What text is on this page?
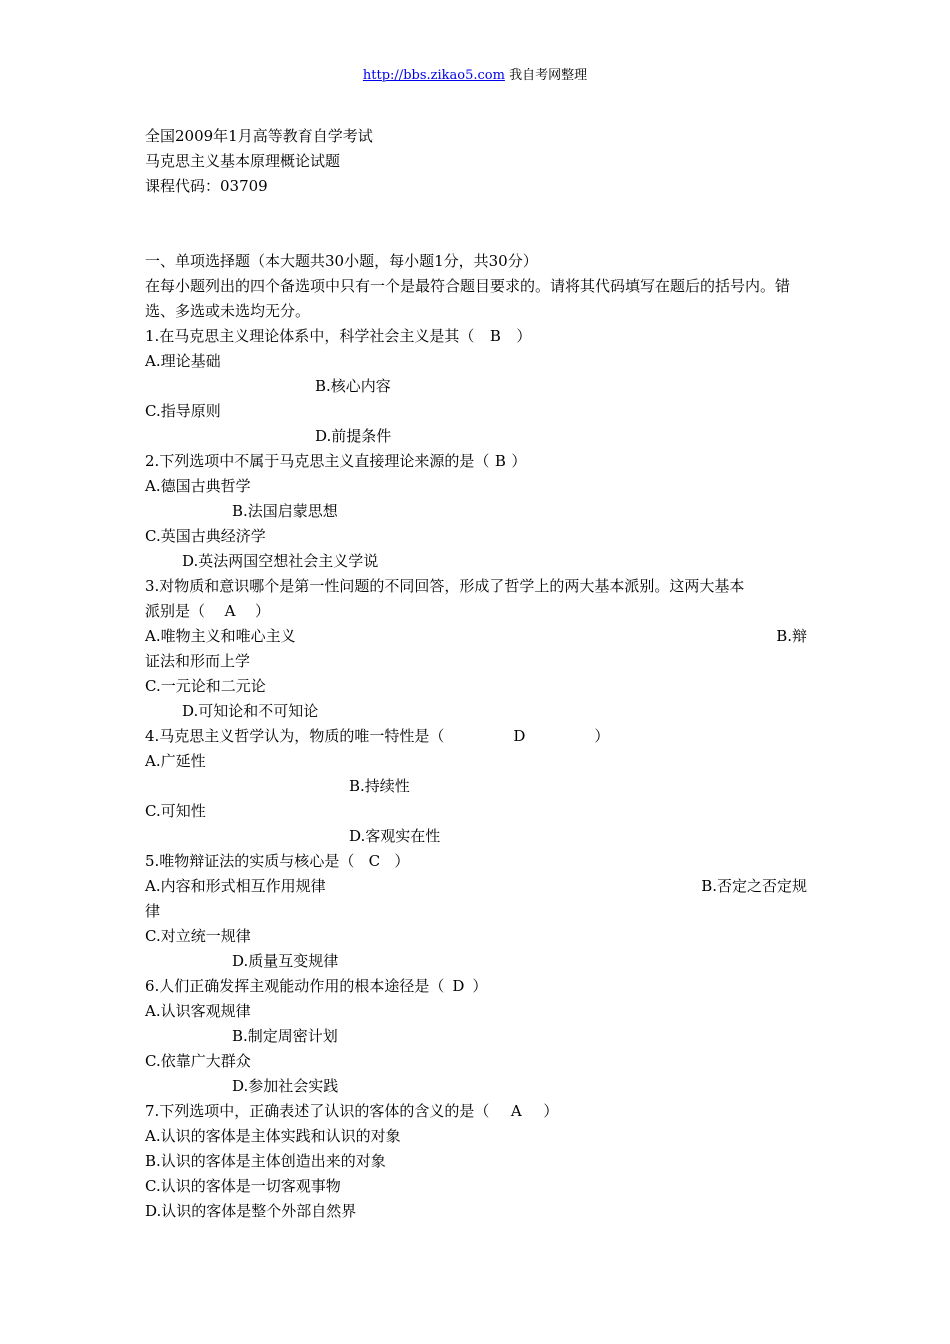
http://bbs.zikao5.com 我自考网整理
全国2009年1月高等教育自学考试
马克思主义基本原理概论试题
课程代码：03709
一、单项选择题（本大题共30小题，每小题1分，共30分）
在每小题列出的四个备选项中只有一个是最符合题目要求的。请将其代码填写在题后的括号内。错选、多选或未选均无分。
1.在马克思主义理论体系中，科学社会主义是其（ B ）
A.理论基础
B.核心内容
C.指导原则
D.前提条件
2.下列选项中不属于马克思主义直接理论来源的是（ B ）
A.德国古典哲学
B.法国启蒙思想
C.英国古典经济学
D.英法两国空想社会主义学说
3.对物质和意识哪个是第一性问题的不同回答，形成了哲学上的两大基本派别。这两大基本
派别是（ A ）
A.唯物主义和唯心主义	B.辩
证法和形而上学
C.一元论和二元论
D.可知论和不可知论
4.马克思主义哲学认为，物质的唯一特性是（	D	）
A.广延性
B.持续性
C.可知性
D.客观实在性
5.唯物辩证法的实质与核心是（ C ）
A.内容和形式相互作用规律	B.否定之否定规
律
C.对立统一规律
D.质量互变规律
6.人们正确发挥主观能动作用的根本途径是（ D ）
A.认识客观规律
B.制定周密计划
C.依靠广大群众
D.参加社会实践
7.下列选项中，正确表述了认识的客体的含义的是（ A ）
A.认识的客体是主体实践和认识的对象
B.认识的客体是主体创造出来的对象
C.认识的客体是一切客观事物
D.认识的客体是整个外部自然界
